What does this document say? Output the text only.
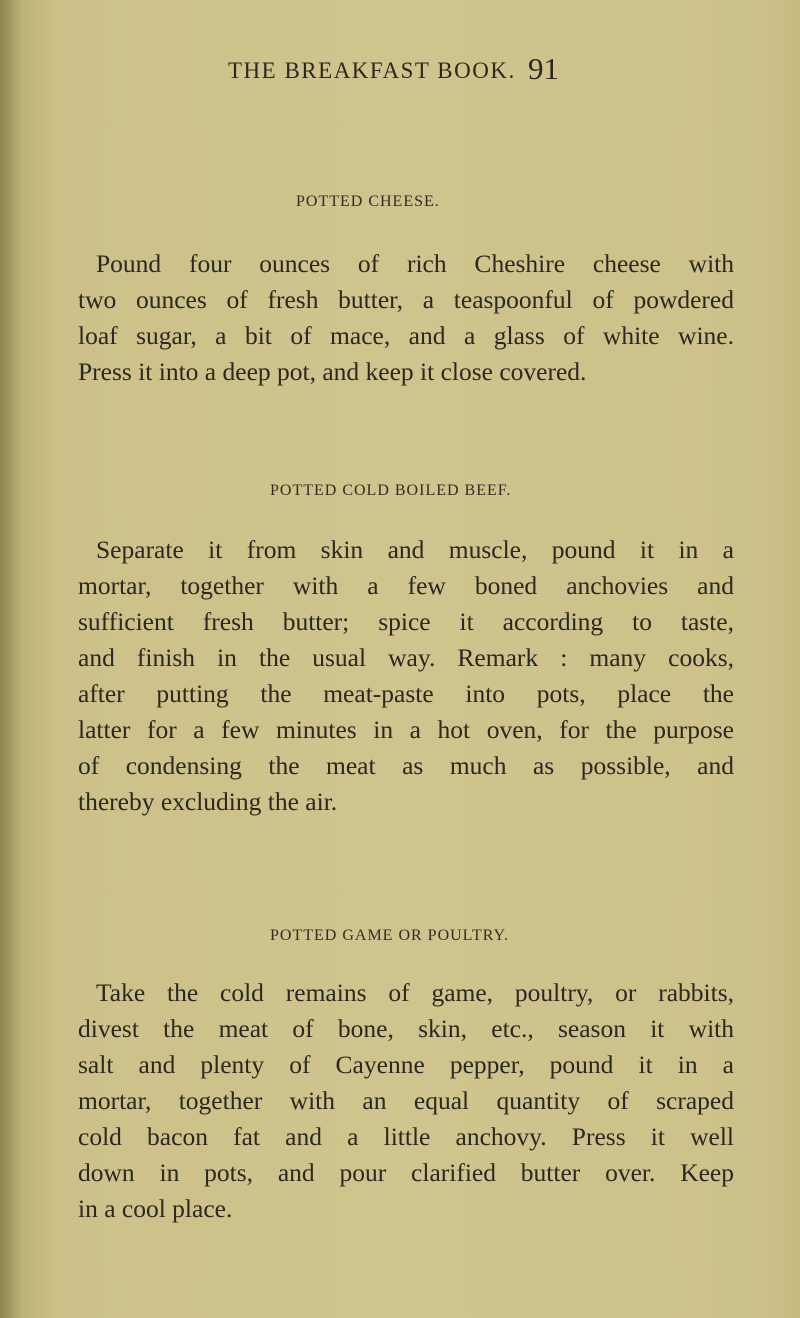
THE BREAKFAST BOOK. 91
POTTED CHEESE.
Pound four ounces of rich Cheshire cheese with
two ounces of fresh butter, a teaspoonful of powdered
loaf sugar, a bit of mace, and a glass of white wine.
Press it into a deep pot, and keep it close covered.
POTTED COLD BOILED BEEF.
Separate it from skin and muscle, pound it in a
mortar, together with a few boned anchovies and
sufficient fresh butter; spice it according to taste,
and finish in the usual way. Remark : many cooks,
after putting the meat-paste into pots, place the
latter for a few minutes in a hot oven, for the purpose
of condensing the meat as much as possible, and
thereby excluding the air.
POTTED GAME OR POULTRY.
Take the cold remains of game, poultry, or rabbits,
divest the meat of bone, skin, etc., season it with
salt and plenty of Cayenne pepper, pound it in a
mortar, together with an equal quantity of scraped
cold bacon fat and a little anchovy. Press it well
down in pots, and pour clarified butter over. Keep
in a cool place.
